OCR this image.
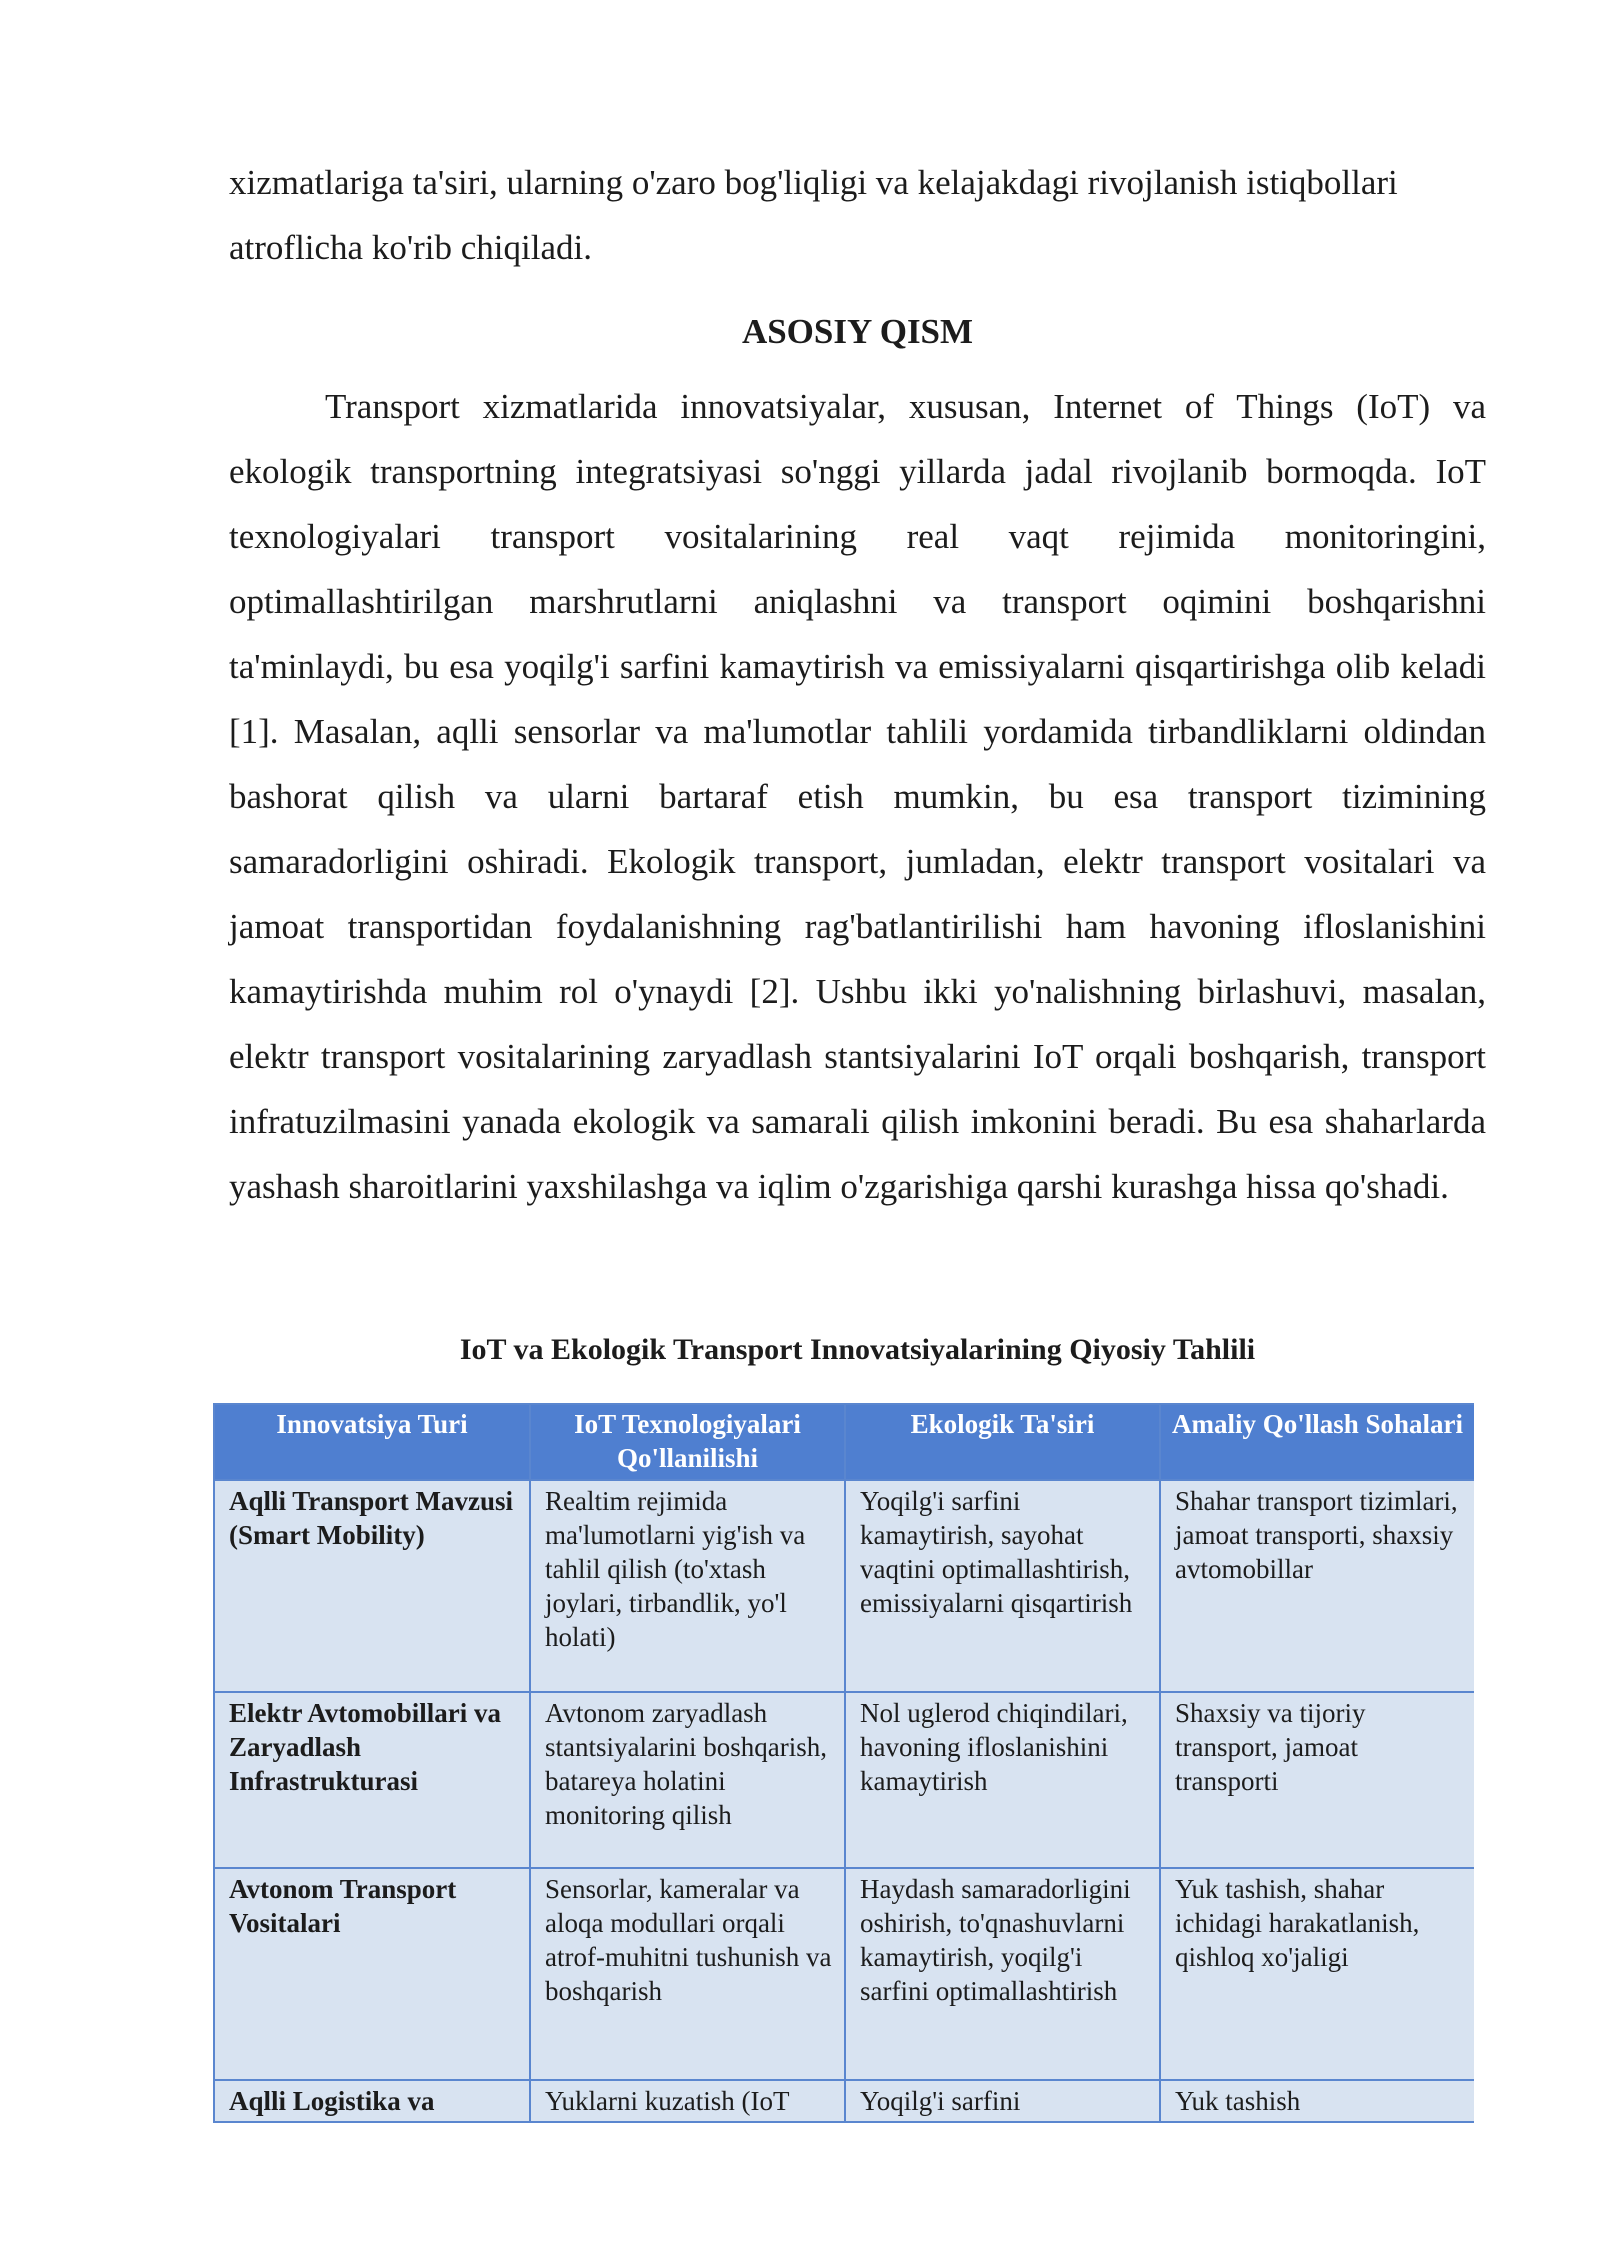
xizmatlariga ta'siri, ularning o'zaro bog'liqligi va kelajakdagi rivojlanish istiqbollari atroflicha ko'rib chiqiladi.

ASOSIY QISM

Transport xizmatlarida innovatsiyalar, xususan, Internet of Things (IoT) va ekologik transportning integratsiyasi so'nggi yillarda jadal rivojlanib bormoqda. IoT texnologiyalari transport vositalarining real vaqt rejimida monitoringini, optimallashtirilgan marshrutlarni aniqlashni va transport oqimini boshqarishni ta'minlaydi, bu esa yoqilg'i sarfini kamaytirish va emissiyalarni qisqartirishga olib keladi [1]. Masalan, aqlli sensorlar va ma'lumotlar tahlili yordamida tirbandliklarni oldindan bashorat qilish va ularni bartaraf etish mumkin, bu esa transport tizimining samaradorligini oshiradi. Ekologik transport, jumladan, elektr transport vositalari va jamoat transportidan foydalanishning rag'batlantirilishi ham havoning ifloslanishini kamaytirishda muhim rol o'ynaydi [2]. Ushbu ikki yo'nalishning birlashuvi, masalan, elektr transport vositalarining zaryadlash stantsiyalarini IoT orqali boshqarish, transport infratuzilmasini yanada ekologik va samarali qilish imkonini beradi. Bu esa shaharlarda yashash sharoitlarini yaxshilashga va iqlim o'zgarishiga qarshi kurashga hissa qo'shadi.

IoT va Ekologik Transport Innovatsiyalarining Qiyosiy Tahlili
Innovatsiya Turi	IoT Texnologiyalari Qo'llanilishi	Ekologik Ta'siri	Amaliy Qo'llash Sohalari
Aqlli Transport Mavzusi (Smart Mobility)	Realtim rejimida ma'lumotlarni yig'ish va tahlil qilish (to'xtash joylari, tirbandlik, yo'l holati)	Yoqilg'i sarfini kamaytirish, sayohat vaqtini optimallashtirish, emissiyalarni qisqartirish	Shahar transport tizimlari, jamoat transporti, shaxsiy avtomobillar
Elektr Avtomobillari va Zaryadlash Infrastrukturasi	Avtonom zaryadlash stantsiyalarini boshqarish, batareya holatini monitoring qilish	Nol uglerod chiqindilari, havoning ifloslanishini kamaytirish	Shaxsiy va tijoriy transport, jamoat transporti
Avtonom Transport Vositalari	Sensorlar, kameralar va aloqa modullari orqali atrof-muhitni tushunish va boshqarish	Haydash samaradorligini oshirish, to'qnashuvlarni kamaytirish, yoqilg'i sarfini optimallashtirish	Yuk tashish, shahar ichidagi harakatlanish, qishloq xo'jaligi
Aqlli Logistika va	Yuklarni kuzatish (IoT	Yoqilg'i sarfini	Yuk tashish
